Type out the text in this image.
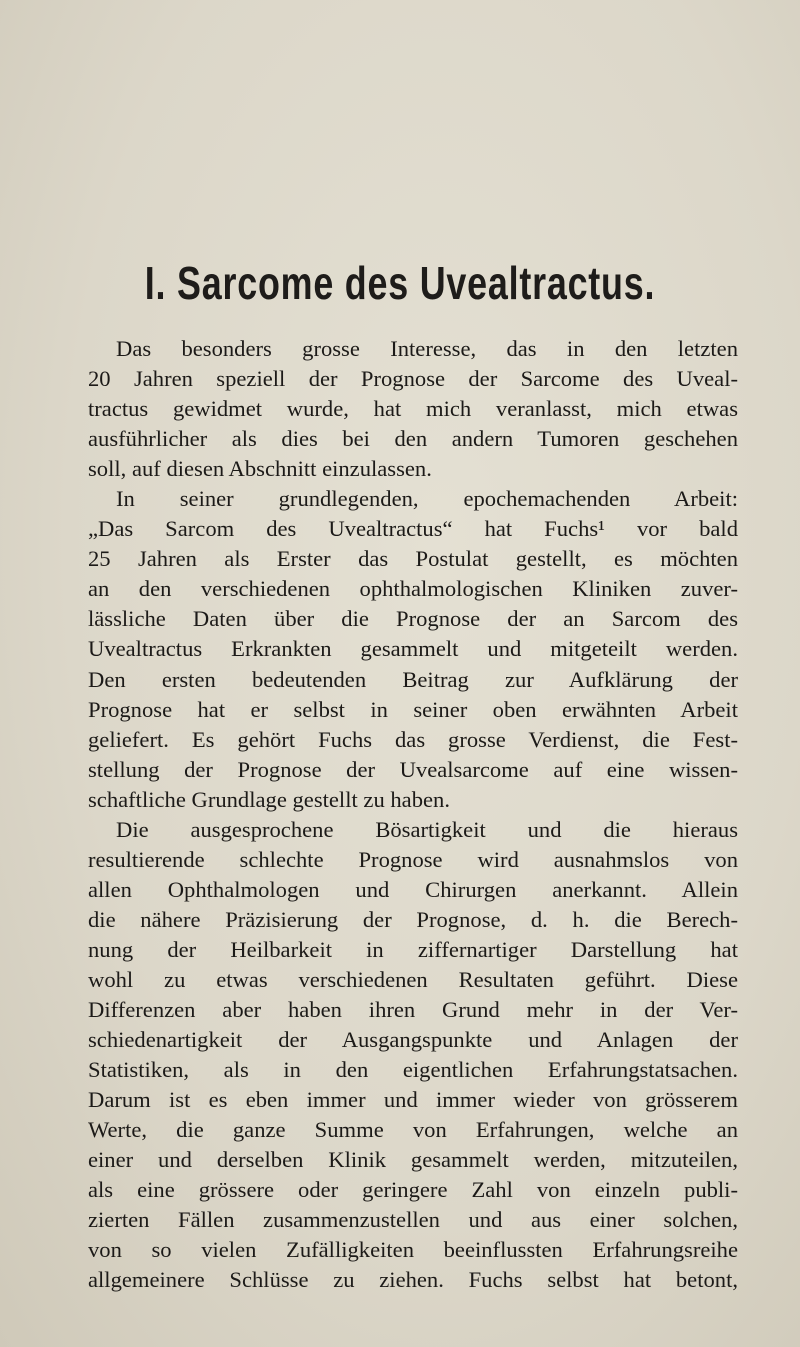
I. Sarcome des Uvealtractus.
Das besonders grosse Interesse, das in den letzten
20 Jahren speziell der Prognose der Sarcome des Uveal-
tractus gewidmet wurde, hat mich veranlasst, mich etwas
ausführlicher als dies bei den andern Tumoren geschehen
soll, auf diesen Abschnitt einzulassen.
In seiner grundlegenden, epochemachenden Arbeit:
„Das Sarcom des Uvealtractus“ hat Fuchs¹ vor bald
25 Jahren als Erster das Postulat gestellt, es möchten
an den verschiedenen ophthalmologischen Kliniken zuver-
lässliche Daten über die Prognose der an Sarcom des
Uvealtractus Erkrankten gesammelt und mitgeteilt werden.
Den ersten bedeutenden Beitrag zur Aufklärung der
Prognose hat er selbst in seiner oben erwähnten Arbeit
geliefert. Es gehört Fuchs das grosse Verdienst, die Fest-
stellung der Prognose der Uvealsarcome auf eine wissen-
schaftliche Grundlage gestellt zu haben.
Die ausgesprochene Bösartigkeit und die hieraus
resultierende schlechte Prognose wird ausnahmslos von
allen Ophthalmologen und Chirurgen anerkannt. Allein
die nähere Präzisierung der Prognose, d. h. die Berech-
nung der Heilbarkeit in ziffernartiger Darstellung hat
wohl zu etwas verschiedenen Resultaten geführt. Diese
Differenzen aber haben ihren Grund mehr in der Ver-
schiedenartigkeit der Ausgangspunkte und Anlagen der
Statistiken, als in den eigentlichen Erfahrungstatsachen.
Darum ist es eben immer und immer wieder von grösserem
Werte, die ganze Summe von Erfahrungen, welche an
einer und derselben Klinik gesammelt werden, mitzuteilen,
als eine grössere oder geringere Zahl von einzeln publi-
zierten Fällen zusammenzustellen und aus einer solchen,
von so vielen Zufälligkeiten beeinflussten Erfahrungsreihe
allgemeinere Schlüsse zu ziehen. Fuchs selbst hat betont,
